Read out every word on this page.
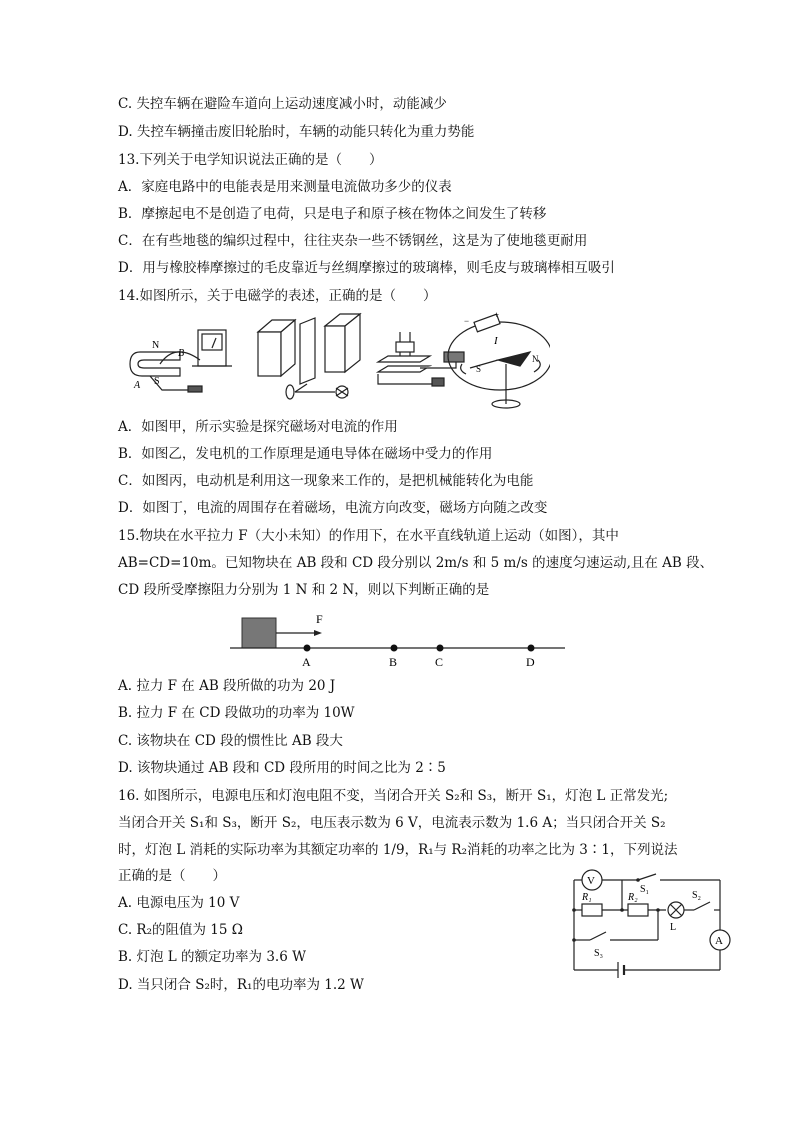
C. 失控车辆在避险车道向上运动速度减小时，动能减少
D. 失控车辆撞击废旧轮胎时，车辆的动能只转化为重力势能
13.下列关于电学知识说法正确的是（　　）
A．家庭电路中的电能表是用来测量电流做功多少的仪表
B．摩擦起电不是创造了电荷，只是电子和原子核在物体之间发生了转移
C．在有些地毯的编织过程中，往往夹杂一些不锈钢丝，这是为了使地毯更耐用
D．用与橡胶棒摩擦过的毛皮靠近与丝绸摩擦过的玻璃棒，则毛皮与玻璃棒相互吸引
14.如图所示，关于电磁学的表述，正确的是（　　）
N
S
A
B
−
+
I
S
N
A．如图甲，所示实验是探究磁场对电流的作用
B．如图乙，发电机的工作原理是通电导体在磁场中受力的作用
C．如图丙，电动机是利用这一现象来工作的，是把机械能转化为电能
D．如图丁，电流的周围存在着磁场，电流方向改变，磁场方向随之改变
15.物块在水平拉力 F（大小未知）的作用下，在水平直线轨道上运动（如图），其中
AB=CD=10m。已知物块在 AB 段和 CD 段分别以 2m/s 和 5 m/s 的速度匀速运动,且在 AB 段、
CD 段所受摩擦阻力分别为 1 N 和 2 N，则以下判断正确的是
F
A	B	C	D
A. 拉力 F 在 AB 段所做的功为 20 J
B. 拉力 F 在 CD 段做功的功率为 10W
C. 该物块在 CD 段的惯性比 AB 段大
D. 该物块通过 AB 段和 CD 段所用的时间之比为 2∶5
16. 如图所示，电源电压和灯泡电阻不变，当闭合开关 S₂和 S₃，断开 S₁，灯泡 L 正常发光;
当闭合开关 S₁和 S₃，断开 S₂，电压表示数为 6 V，电流表示数为 1.6 A；当只闭合开关 S₂
时，灯泡 L 消耗的实际功率为其额定功率的 1/9，R₁与 R₂消耗的功率之比为 3∶1，下列说法
正确的是（　　）
A. 电源电压为 10 V
C. R₂的阻值为 15 Ω
B. 灯泡 L 的额定功率为 3.6 W
D. 当只闭合 S₂时，R₁的电功率为 1.2 W
V
A
S₁
R₁	R₂	S₂
L
S₃
